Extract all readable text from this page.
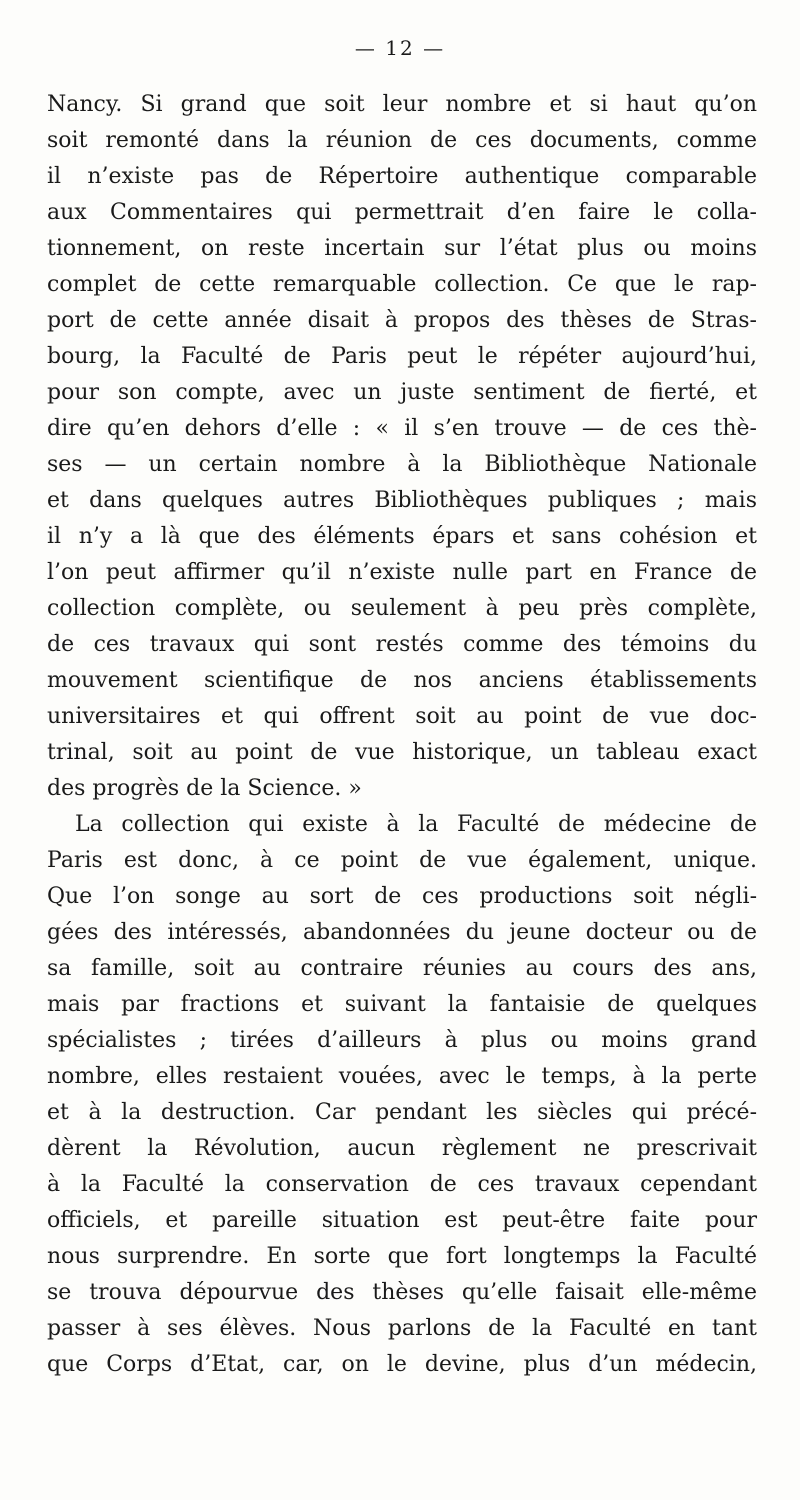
— 12 —
Nancy. Si grand que soit leur nombre et si haut qu’on
soit remonté dans la réunion de ces documents, comme
il n’existe pas de Répertoire authentique comparable
aux Commentaires qui permettrait d’en faire le colla-
tionnement, on reste incertain sur l’état plus ou moins
complet de cette remarquable collection. Ce que le rap-
port de cette année disait à propos des thèses de Stras-
bourg, la Faculté de Paris peut le répéter aujourd’hui,
pour son compte, avec un juste sentiment de fierté, et
dire qu’en dehors d’elle : « il s’en trouve — de ces thè-
ses — un certain nombre à la Bibliothèque Nationale
et dans quelques autres Bibliothèques publiques ; mais
il n’y a là que des éléments épars et sans cohésion et
l’on peut affirmer qu’il n’existe nulle part en France de
collection complète, ou seulement à peu près complète,
de ces travaux qui sont restés comme des témoins du
mouvement scientifique de nos anciens établissements
universitaires et qui offrent soit au point de vue doc-
trinal, soit au point de vue historique, un tableau exact
des progrès de la Science. »
La collection qui existe à la Faculté de médecine de
Paris est donc, à ce point de vue également, unique.
Que l’on songe au sort de ces productions soit négli-
gées des intéressés, abandonnées du jeune docteur ou de
sa famille, soit au contraire réunies au cours des ans,
mais par fractions et suivant la fantaisie de quelques
spécialistes ; tirées d’ailleurs à plus ou moins grand
nombre, elles restaient vouées, avec le temps, à la perte
et à la destruction. Car pendant les siècles qui précé-
dèrent la Révolution, aucun règlement ne prescrivait
à la Faculté la conservation de ces travaux cependant
officiels, et pareille situation est peut-être faite pour
nous surprendre. En sorte que fort longtemps la Faculté
se trouva dépourvue des thèses qu’elle faisait elle-même
passer à ses élèves. Nous parlons de la Faculté en tant
que Corps d’Etat, car, on le devine, plus d’un médecin,
